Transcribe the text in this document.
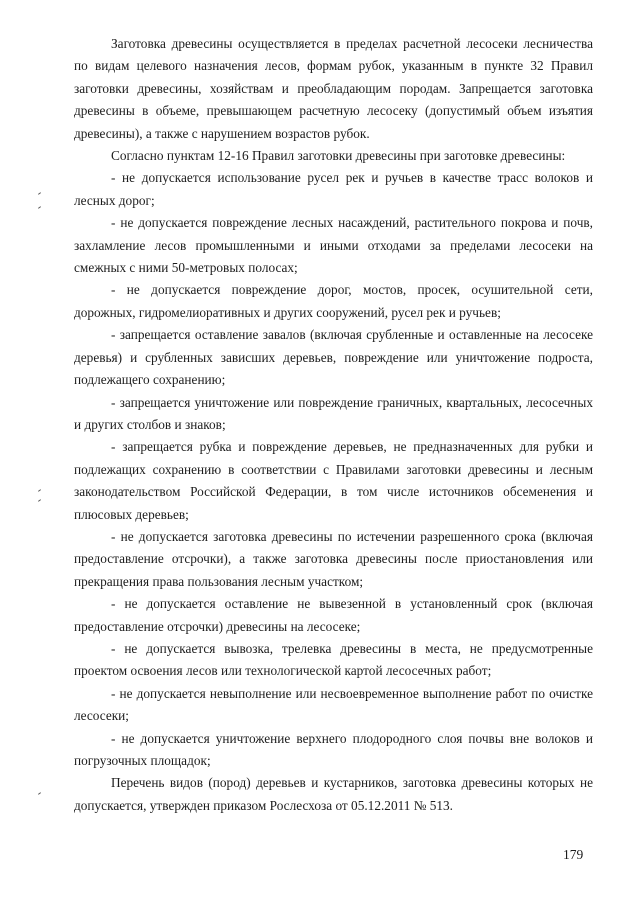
Заготовка древесины осуществляется в пределах расчетной лесосеки лесничества по видам целевого назначения лесов, формам рубок, указанным в пункте 32 Правил заготовки древесины, хозяйствам и преобладающим породам. Запрещается заготовка древесины в объеме, превышающем расчетную лесосеку (допустимый объем изъятия древесины), а также с нарушением возрастов рубок.

Согласно пунктам 12-16 Правил заготовки древесины при заготовке древесины:

- не допускается использование русел рек и ручьев в качестве трасс волоков и лесных дорог;

- не допускается повреждение лесных насаждений, растительного покрова и почв, захламление лесов промышленными и иными отходами за пределами лесосеки на смежных с ними 50-метровых полосах;

- не допускается повреждение дорог, мостов, просек, осушительной сети, дорожных, гидромелиоративных и других сооружений, русел рек и ручьев;

- запрещается оставление завалов (включая срубленные и оставленные на лесосеке деревья) и срубленных зависших деревьев, повреждение или уничтожение подроста, подлежащего сохранению;

- запрещается уничтожение или повреждение граничных, квартальных, лесосечных и других столбов и знаков;

- запрещается рубка и повреждение деревьев, не предназначенных для рубки и подлежащих сохранению в соответствии с Правилами заготовки древесины и лесным законодательством Российской Федерации, в том числе источников обсеменения и плюсовых деревьев;

- не допускается заготовка древесины по истечении разрешенного срока (включая предоставление отсрочки), а также заготовка древесины после приостановления или прекращения права пользования лесным участком;

- не допускается оставление не вывезенной в установленный срок (включая предоставление отсрочки) древесины на лесосеке;

- не допускается вывозка, трелевка древесины в места, не предусмотренные проектом освоения лесов или технологической картой лесосечных работ;

- не допускается невыполнение или несвоевременное выполнение работ по очистке лесосеки;

- не допускается уничтожение верхнего плодородного слоя почвы вне волоков и погрузочных площадок;

Перечень видов (пород) деревьев и кустарников, заготовка древесины которых не допускается, утвержден приказом Рослесхоза от 05.12.2011 № 513.

179
